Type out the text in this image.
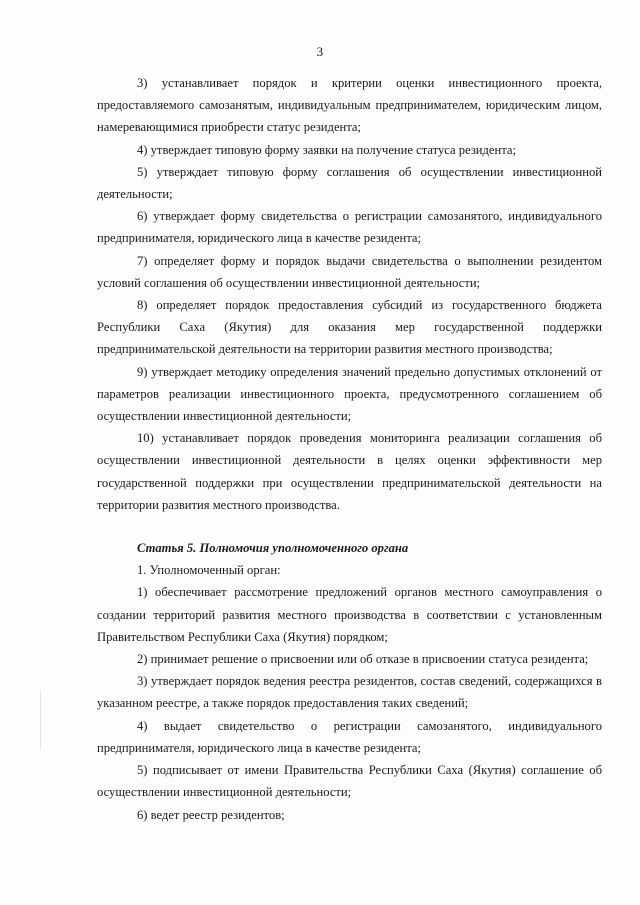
3

3) устанавливает порядок и критерии оценки инвестиционного проекта, предоставляемого самозанятым, индивидуальным предпринимателем, юридическим лицом, намеревающимися приобрести статус резидента;

4) утверждает типовую форму заявки на получение статуса резидента;

5) утверждает типовую форму соглашения об осуществлении инвестиционной деятельности;

6) утверждает форму свидетельства о регистрации самозанятого, индивидуального предпринимателя, юридического лица в качестве резидента;

7) определяет форму и порядок выдачи свидетельства о выполнении резидентом условий соглашения об осуществлении инвестиционной деятельности;

8) определяет порядок предоставления субсидий из государственного бюджета Республики Саха (Якутия) для оказания мер государственной поддержки предпринимательской деятельности на территории развития местного производства;

9) утверждает методику определения значений предельно допустимых отклонений от параметров реализации инвестиционного проекта, предусмотренного соглашением об осуществлении инвестиционной деятельности;

10) устанавливает порядок проведения мониторинга реализации соглашения об осуществлении инвестиционной деятельности в целях оценки эффективности мер государственной поддержки при осуществлении предпринимательской деятельности на территории развития местного производства.

Статья 5. Полномочия уполномоченного органа

1. Уполномоченный орган:

1) обеспечивает рассмотрение предложений органов местного самоуправления о создании территорий развития местного производства в соответствии с установленным Правительством Республики Саха (Якутия) порядком;

2) принимает решение о присвоении или об отказе в присвоении статуса резидента;

3) утверждает порядок ведения реестра резидентов, состав сведений, содержащихся в указанном реестре, а также порядок предоставления таких сведений;

4) выдает свидетельство о регистрации самозанятого, индивидуального предпринимателя, юридического лица в качестве резидента;

5) подписывает от имени Правительства Республики Саха (Якутия) соглашение об осуществлении инвестиционной деятельности;

6) ведет реестр резидентов;
